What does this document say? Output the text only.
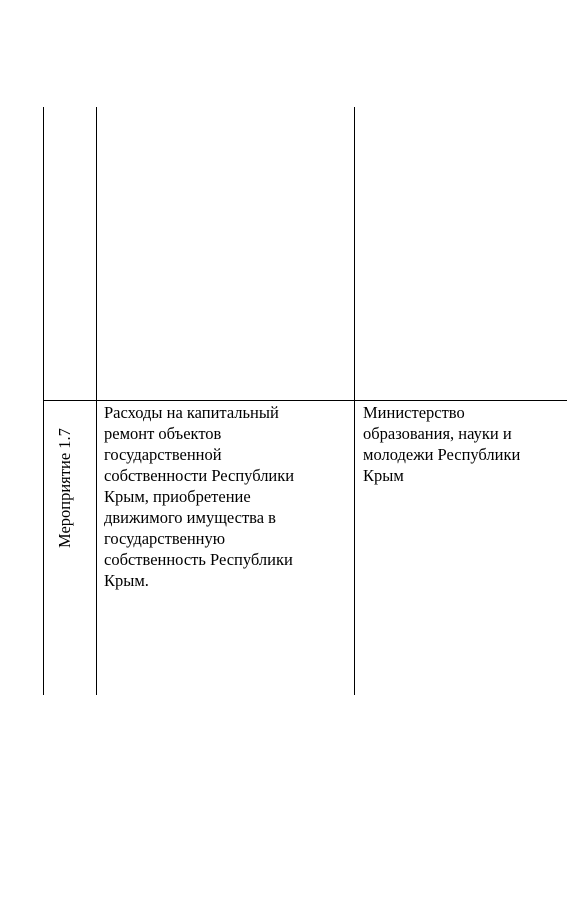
Мероприятие 1.7
Расходы на капитальный
ремонт объектов
государственной
собственности Республики
Крым, приобретение
движимого имущества в
государственную
собственность Республики
Крым.
Министерство
образования, науки и
молодежи Республики
Крым
